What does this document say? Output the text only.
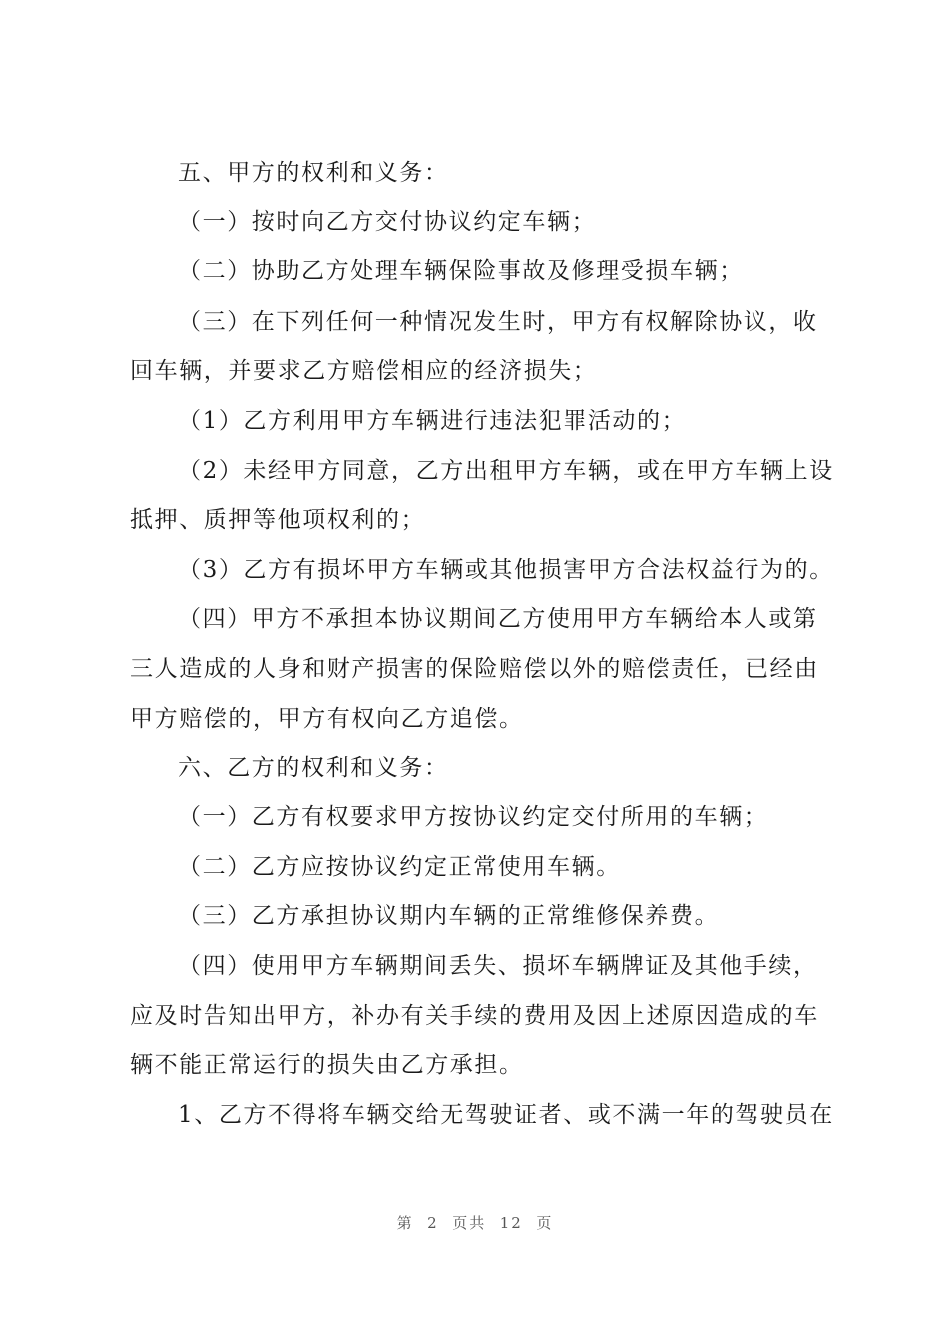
五、甲方的权利和义务：
（一）按时向乙方交付协议约定车辆；
（二）协助乙方处理车辆保险事故及修理受损车辆；
（三）在下列任何一种情况发生时，甲方有权解除协议，收
回车辆，并要求乙方赔偿相应的经济损失；
（1）乙方利用甲方车辆进行违法犯罪活动的；
（2）未经甲方同意，乙方出租甲方车辆，或在甲方车辆上设
抵押、质押等他项权利的；
（3）乙方有损坏甲方车辆或其他损害甲方合法权益行为的。
（四）甲方不承担本协议期间乙方使用甲方车辆给本人或第
三人造成的人身和财产损害的保险赔偿以外的赔偿责任，已经由
甲方赔偿的，甲方有权向乙方追偿。
六、乙方的权利和义务：
（一）乙方有权要求甲方按协议约定交付所用的车辆；
（二）乙方应按协议约定正常使用车辆。
（三）乙方承担协议期内车辆的正常维修保养费。
（四）使用甲方车辆期间丢失、损坏车辆牌证及其他手续，
应及时告知出甲方，补办有关手续的费用及因上述原因造成的车
辆不能正常运行的损失由乙方承担。
1、乙方不得将车辆交给无驾驶证者、或不满一年的驾驶员在
第  2  页共  12  页
